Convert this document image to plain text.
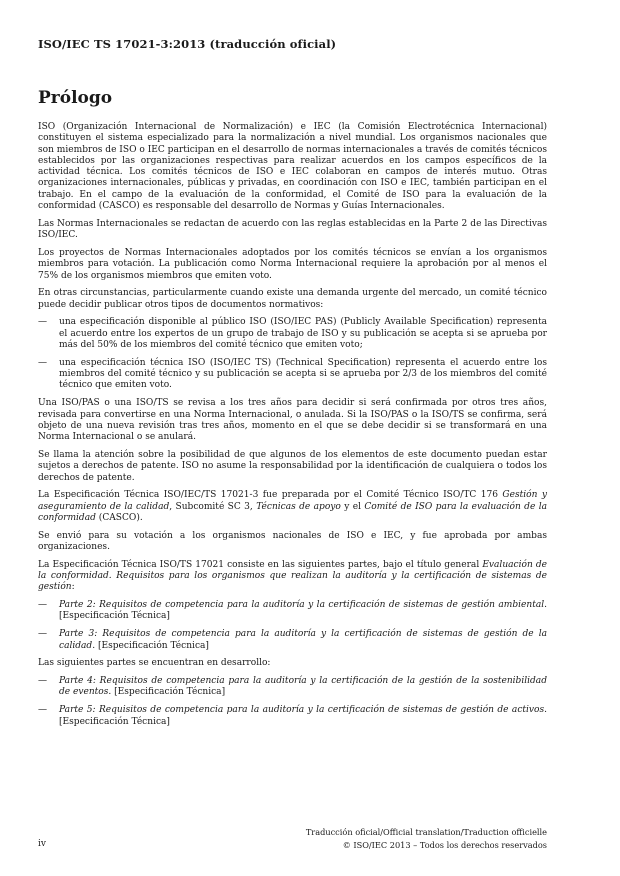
ISO/IEC TS 17021-3:2013 (traducción oficial)
Prólogo

ISO (Organización Internacional de Normalización) e IEC (la Comisión Electrotécnica Internacional) constituyen el sistema especializado para la normalización a nivel mundial. Los organismos nacionales que son miembros de ISO o IEC participan en el desarrollo de normas internacionales a través de comités técnicos establecidos por las organizaciones respectivas para realizar acuerdos en los campos específicos de la actividad técnica. Los comités técnicos de ISO e IEC colaboran en campos de interés mutuo. Otras organizaciones internacionales, públicas y privadas, en coordinación con ISO e IEC, también participan en el trabajo. En el campo de la evaluación de la conformidad, el Comité de ISO para la evaluación de la conformidad (CASCO) es responsable del desarrollo de Normas y Guías Internacionales.

Las Normas Internacionales se redactan de acuerdo con las reglas establecidas en la Parte 2 de las Directivas ISO/IEC.

Los proyectos de Normas Internacionales adoptados por los comités técnicos se envían a los organismos miembros para votación. La publicación como Norma Internacional requiere la aprobación por al menos el 75% de los organismos miembros que emiten voto.

En otras circunstancias, particularmente cuando existe una demanda urgente del mercado, un comité técnico puede decidir publicar otros tipos de documentos normativos:

—	una especificación disponible al público ISO (ISO/IEC PAS) (Publicly Available Specification) representa el acuerdo entre los expertos de un grupo de trabajo de ISO y su publicación se acepta si se aprueba por más del 50% de los miembros del comité técnico que emiten voto;
—	una especificación técnica ISO (ISO/IEC TS) (Technical Specification) representa el acuerdo entre los miembros del comité técnico y su publicación se acepta si se aprueba por 2/3 de los miembros del comité técnico que emiten voto.

Una ISO/PAS o una ISO/TS se revisa a los tres años para decidir si será confirmada por otros tres años, revisada para convertirse en una Norma Internacional, o anulada. Si la ISO/PAS o la ISO/TS se confirma, será objeto de una nueva revisión tras tres años, momento en el que se debe decidir si se transformará en una Norma Internacional o se anulará.

Se llama la atención sobre la posibilidad de que algunos de los elementos de este documento puedan estar sujetos a derechos de patente. ISO no asume la responsabilidad por la identificación de cualquiera o todos los derechos de patente.

La Especificación Técnica ISO/IEC/TS 17021-3 fue preparada por el Comité Técnico ISO/TC 176 Gestión y aseguramiento de la calidad, Subcomité SC 3, Técnicas de apoyo y el Comité de ISO para la evaluación de la conformidad (CASCO).

Se envió para su votación a los organismos nacionales de ISO e IEC, y fue aprobada por ambas organizaciones.

La Especificación Técnica ISO/TS 17021 consiste en las siguientes partes, bajo el título general Evaluación de la conformidad. Requisitos para los organismos que realizan la auditoría y la certificación de sistemas de gestión:

—	Parte 2: Requisitos de competencia para la auditoría y la certificación de sistemas de gestión ambiental. [Especificación Técnica]
—	Parte 3: Requisitos de competencia para la auditoría y la certificación de sistemas de gestión de la calidad. [Especificación Técnica]

Las siguientes partes se encuentran en desarrollo:

—	Parte 4: Requisitos de competencia para la auditoría y la certificación de la gestión de la sostenibilidad de eventos. [Especificación Técnica]
—	Parte 5: Requisitos de competencia para la auditoría y la certificación de sistemas de gestión de activos. [Especificación Técnica]
Traducción oficial/Official translation/Traduction officielle
© ISO/IEC 2013 – Todos los derechos reservados
iv
